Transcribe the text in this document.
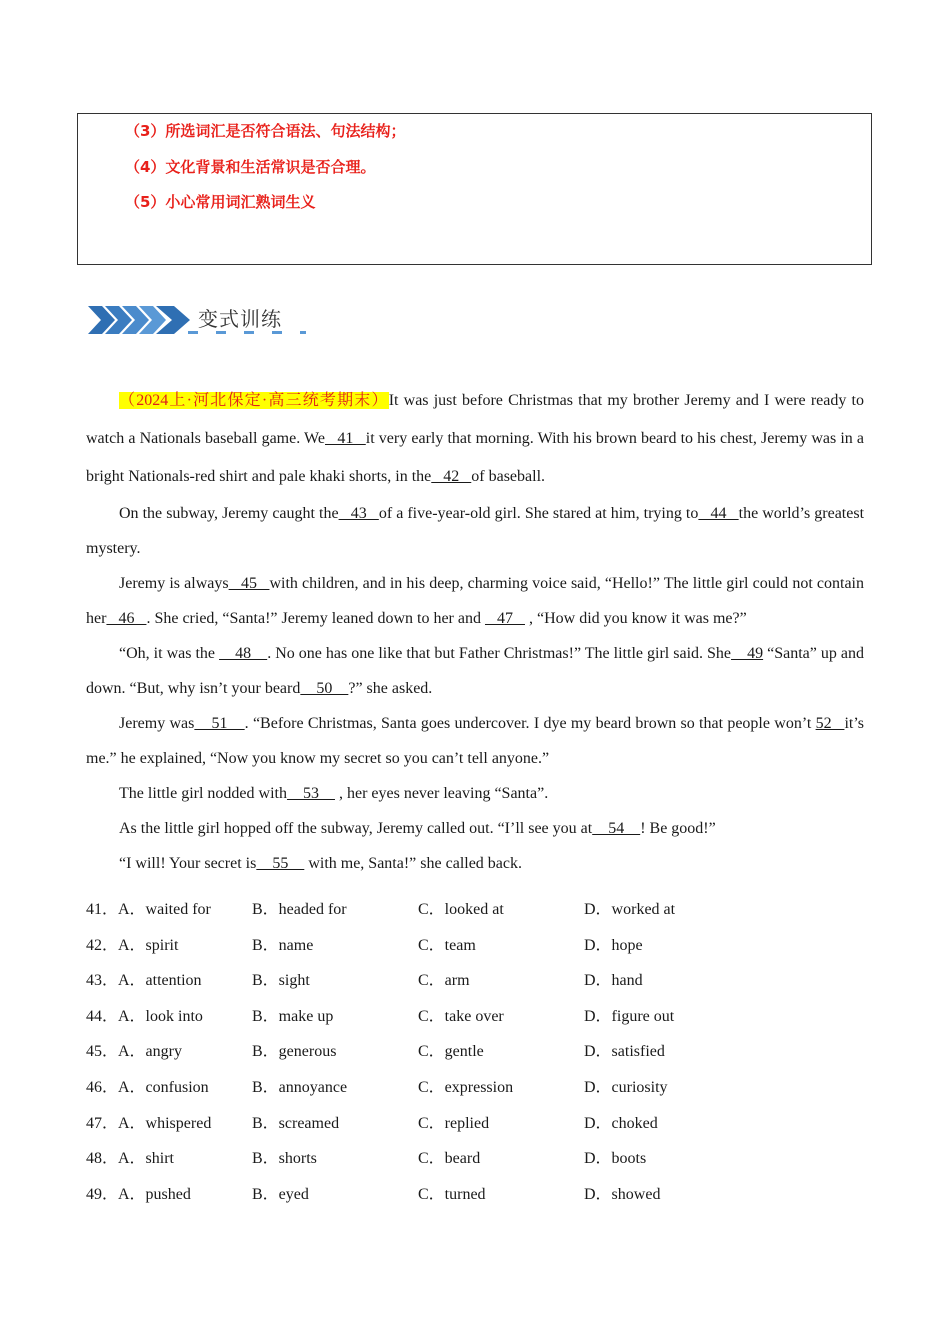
（3）所选词汇是否符合语法、句法结构；
（4）文化背景和生活常识是否合理。
（5）小心常用词汇熟词生义
变式训练

（2024上·河北保定·高三统考期末）It was just before Christmas that my brother Jeremy and I were ready to watch a Nationals baseball game. We   41   it very early that morning. With his brown beard to his chest, Jeremy was in a bright Nationals-red shirt and pale khaki shorts, in the   42   of baseball.

On the subway, Jeremy caught the   43   of a five-year-old girl. She stared at him, trying to   44   the world’s greatest mystery.

Jeremy is always   45   with children, and in his deep, charming voice said, “Hello!” The little girl could not contain her   46   . She cried, “Santa!” Jeremy leaned down to her and    47    , “How did you know it was me?”

“Oh, it was the     48    . No one has one like that but Father Christmas!” The little girl said. She    49 “Santa” up and down. “But, why isn’t your beard    50    ?” she asked.

Jeremy was    51    . “Before Christmas, Santa goes undercover. I dye my beard brown so that people won’t 52   it’s me.” he explained, “Now you know my secret so you can’t tell anyone.”

The little girl nodded with    53     , her eyes never leaving “Santa”.

As the little girl hopped off the subway, Jeremy called out. “I’ll see you at    54    ! Be good!”

“I will! Your secret is    55     with me, Santa!” she called back.

41．A．waited for	B．headed for	C．looked at	D．worked at
42．A．spirit	B．name	C．team	D．hope
43．A．attention	B．sight	C．arm	D．hand
44．A．look into	B．make up	C．take over	D．figure out
45．A．angry	B．generous	C．gentle	D．satisfied
46．A．confusion	B．annoyance	C．expression	D．curiosity
47．A．whispered	B．screamed	C．replied	D．choked
48．A．shirt	B．shorts	C．beard	D．boots
49．A．pushed	B．eyed	C．turned	D．showed
